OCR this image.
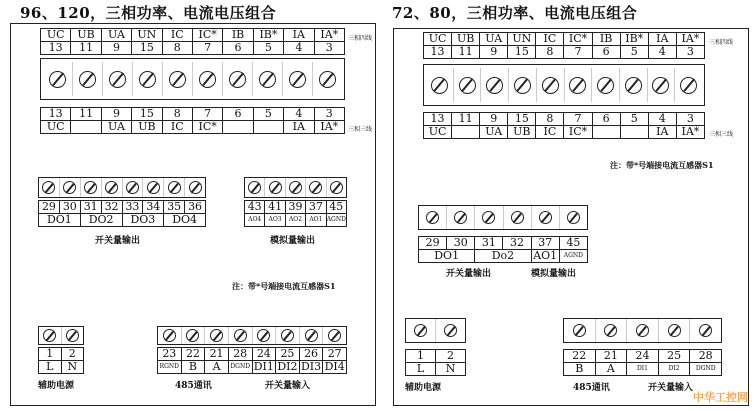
96、120，三相功率、电流电压组合	72、80，三相功率、电流电压组合
UC	UB	UA	UN	IC	IC*	IB	IB*	IA	IA*
13	11	9	15	8	7	6	5	4	3
三相四线
13	11	9	15	8	7	6	5	4	3
UC		UA	UB	IC	IC*			IA	IA* 三相三线
29	30	31	32	33	34	35	36
DO1		DO2		DO3		DO4	
开关量输出
43	41	39	37	45
AO4	AO3	AO2	AO1	AGND
模拟量输出
注：带*号端接电流互感器S1
1	2
L	N
辅助电源
23	22	21	28	24	25	26	27
RGND	B	A	DGND	DI1	DI2	DI3	DI4
485通讯	开关量输入
UC	UB	UA	UN	IC	IC*	IB	IB*	IA	IA*
13	11	9	15	8	7	6	5	4	3
三相四线
13	11	9	15	8	7	6	5	4	3
UC		UA	UB	IC	IC*			IA	IA* 三相三线
注：带*号端接电流互感器S1
29	30	31	32	37	45
DO1		Do2		AO1	AGND
开关量输出	模拟量输出
1	2
L	N
辅助电源
22	21	24	25	28
B	A	DI1	DI2	DGND
485通讯	开关量输入
中华工控网
